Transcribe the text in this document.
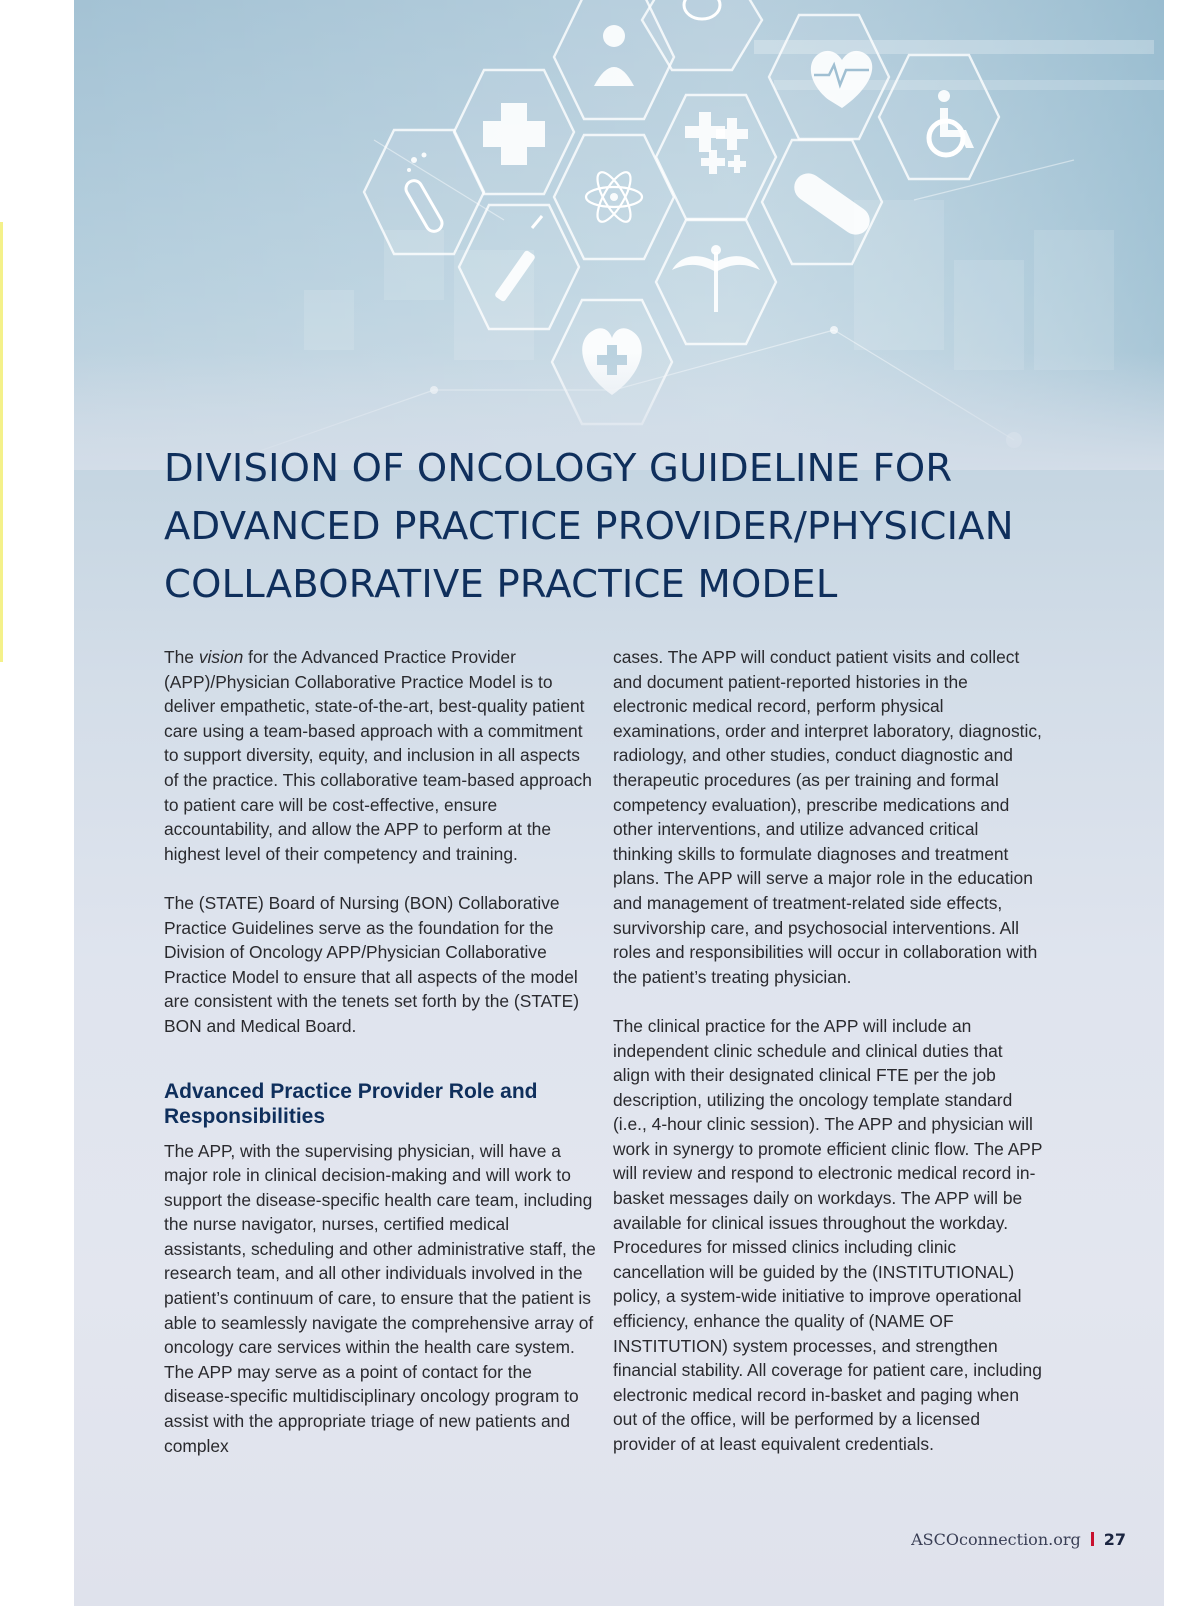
DIVISION OF ONCOLOGY GUIDELINE FOR ADVANCED PRACTICE PROVIDER/PHYSICIAN COLLABORATIVE PRACTICE MODEL

The vision for the Advanced Practice Provider (APP)/Physician Collaborative Practice Model is to deliver empathetic, state-of-the-art, best-quality patient care using a team-based approach with a commitment to support diversity, equity, and inclusion in all aspects of the practice. This collaborative team-based approach to patient care will be cost-effective, ensure accountability, and allow the APP to perform at the highest level of their competency and training.

The (STATE) Board of Nursing (BON) Collaborative Practice Guidelines serve as the foundation for the Division of Oncology APP/Physician Collaborative Practice Model to ensure that all aspects of the model are consistent with the tenets set forth by the (STATE) BON and Medical Board.

Advanced Practice Provider Role and Responsibilities

The APP, with the supervising physician, will have a major role in clinical decision-making and will work to support the disease-specific health care team, including the nurse navigator, nurses, certified medical assistants, scheduling and other administrative staff, the research team, and all other individuals involved in the patient’s continuum of care, to ensure that the patient is able to seamlessly navigate the comprehensive array of oncology care services within the health care system. The APP may serve as a point of contact for the disease-specific multidisciplinary oncology program to assist with the appropriate triage of new patients and complex

cases. The APP will conduct patient visits and collect and document patient-reported histories in the electronic medical record, perform physical examinations, order and interpret laboratory, diagnostic, radiology, and other studies, conduct diagnostic and therapeutic procedures (as per training and formal competency evaluation), prescribe medications and other interventions, and utilize advanced critical thinking skills to formulate diagnoses and treatment plans. The APP will serve a major role in the education and management of treatment-related side effects, survivorship care, and psychosocial interventions. All roles and responsibilities will occur in collaboration with the patient’s treating physician.

The clinical practice for the APP will include an independent clinic schedule and clinical duties that align with their designated clinical FTE per the job description, utilizing the oncology template standard (i.e., 4-hour clinic session). The APP and physician will work in synergy to promote efficient clinic flow. The APP will review and respond to electronic medical record in-basket messages daily on workdays. The APP will be available for clinical issues throughout the workday. Procedures for missed clinics including clinic cancellation will be guided by the (INSTITUTIONAL) policy, a system-wide initiative to improve operational efficiency, enhance the quality of (NAME OF INSTITUTION) system processes, and strengthen financial stability. All coverage for patient care, including electronic medical record in-basket and paging when out of the office, will be performed by a licensed provider of at least equivalent credentials.

ASCOconnection.org 27
